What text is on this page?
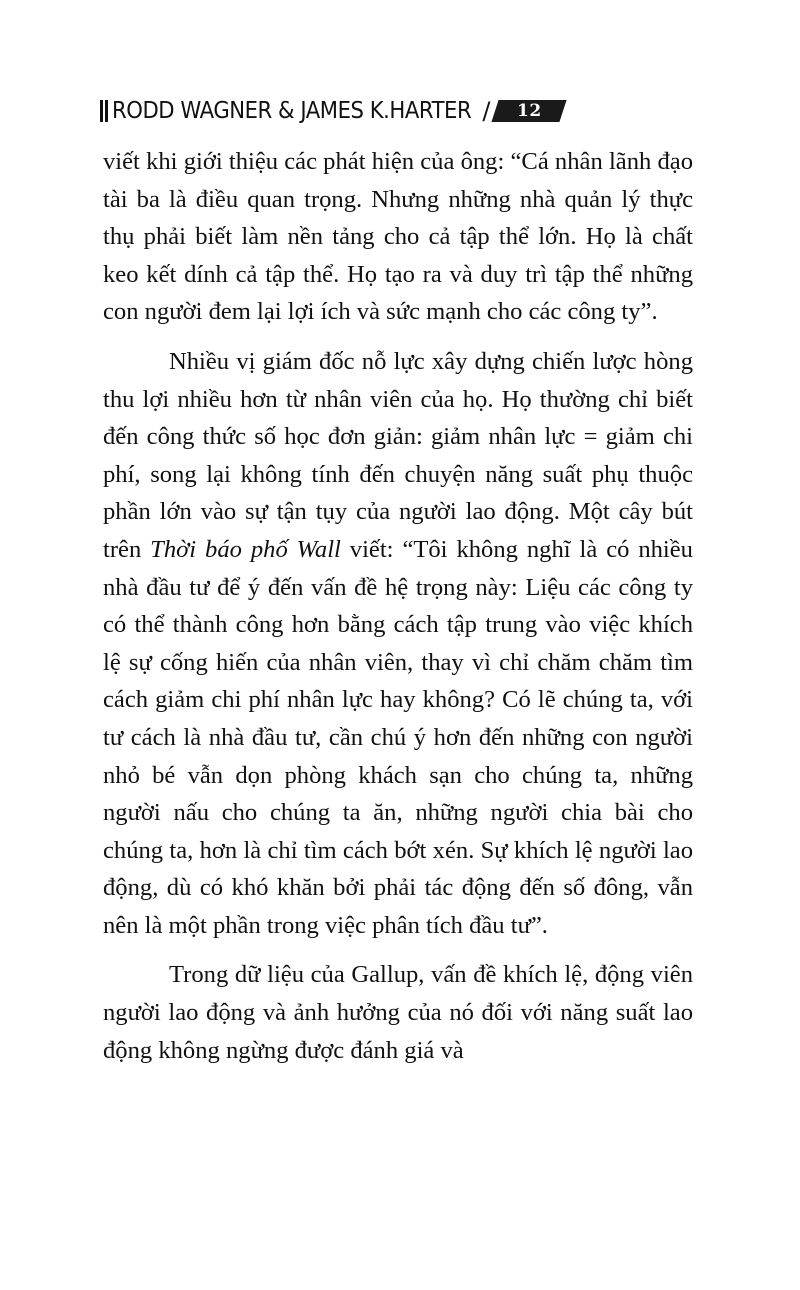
RODD WAGNER & JAMES K.HARTER / 12

viết khi giới thiệu các phát hiện của ông: “Cá nhân lãnh đạo tài ba là điều quan trọng. Nhưng những nhà quản lý thực thụ phải biết làm nền tảng cho cả tập thể lớn. Họ là chất keo kết dính cả tập thể. Họ tạo ra và duy trì tập thể những con người đem lại lợi ích và sức mạnh cho các công ty”.

Nhiều vị giám đốc nỗ lực xây dựng chiến lược hòng thu lợi nhiều hơn từ nhân viên của họ. Họ thường chỉ biết đến công thức số học đơn giản: giảm nhân lực = giảm chi phí, song lại không tính đến chuyện năng suất phụ thuộc phần lớn vào sự tận tụy của người lao động. Một cây bút trên Thời báo phố Wall viết: “Tôi không nghĩ là có nhiều nhà đầu tư để ý đến vấn đề hệ trọng này: Liệu các công ty có thể thành công hơn bằng cách tập trung vào việc khích lệ sự cống hiến của nhân viên, thay vì chỉ chăm chăm tìm cách giảm chi phí nhân lực hay không? Có lẽ chúng ta, với tư cách là nhà đầu tư, cần chú ý hơn đến những con người nhỏ bé vẫn dọn phòng khách sạn cho chúng ta, những người nấu cho chúng ta ăn, những người chia bài cho chúng ta, hơn là chỉ tìm cách bớt xén. Sự khích lệ người lao động, dù có khó khăn bởi phải tác động đến số đông, vẫn nên là một phần trong việc phân tích đầu tư”.

Trong dữ liệu của Gallup, vấn đề khích lệ, động viên người lao động và ảnh hưởng của nó đối với năng suất lao động không ngừng được đánh giá và
